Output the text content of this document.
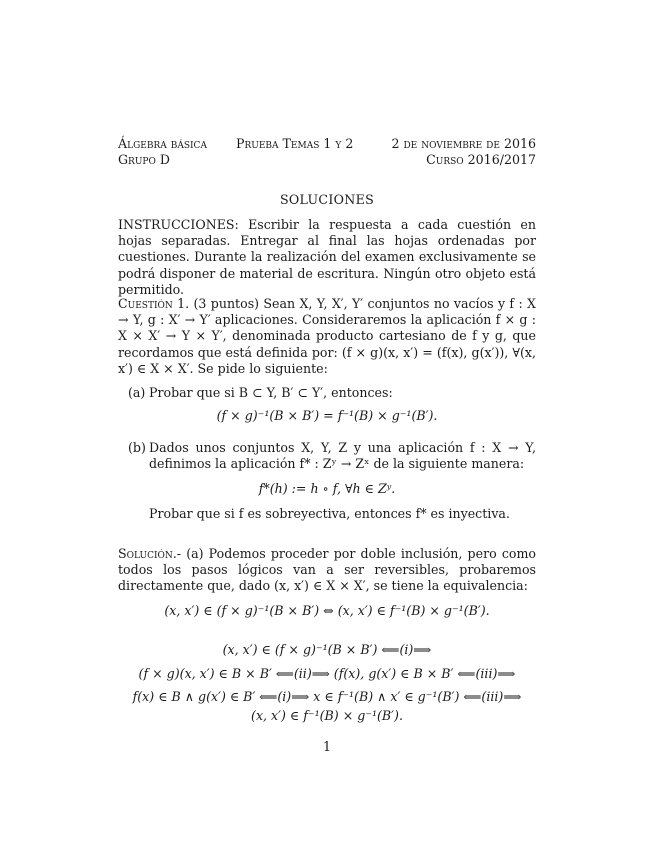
Álgebra básica Prueba Temas 1 y 2	2 de noviembre de 2016
Grupo D	Curso 2016/2017
SOLUCIONES
INSTRUCCIONES: Escribir la respuesta a cada cuestión en hojas separadas. Entregar al final las hojas ordenadas por cuestiones. Durante la realización del examen exclusivamente se podrá disponer de material de escritura. Ningún otro objeto está permitido.
Cuestión 1. (3 puntos) Sean X, Y, X′, Y′ conjuntos no vacíos y f : X → Y, g : X′ → Y′ aplicaciones. Consideraremos la aplicación f × g : X × X′ → Y × Y′, denominada producto cartesiano de f y g, que recordamos que está definida por: (f × g)(x, x′) = (f(x), g(x′)), ∀(x, x′) ∈ X × X′. Se pide lo siguiente:
(a) Probar que si B ⊂ Y, B′ ⊂ Y′, entonces:
(f × g)⁻¹(B × B′) = f⁻¹(B) × g⁻¹(B′).
(b) Dados unos conjuntos X, Y, Z y una aplicación f : X → Y, definimos la aplicación f* : Zʸ → Zˣ de la siguiente manera:
f*(h) := h ∘ f, ∀h ∈ Zʸ.
Probar que si f es sobreyectiva, entonces f* es inyectiva.
Solución.- (a) Podemos proceder por doble inclusión, pero como todos los pasos lógicos van a ser reversibles, probaremos directamente que, dado (x, x′) ∈ X × X′, se tiene la equivalencia:
(x, x′) ∈ (f × g)⁻¹(B × B′) ⇔ (x, x′) ∈ f⁻¹(B) × g⁻¹(B′).
(x, x′) ∈ (f × g)⁻¹(B × B′) ⟸(i)⟹
(f × g)(x, x′) ∈ B × B′ ⟸(ii)⟹ (f(x), g(x′) ∈ B × B′ ⟸(iii)⟹
f(x) ∈ B ∧ g(x′) ∈ B′ ⟸(i)⟹ x ∈ f⁻¹(B) ∧ x′ ∈ g⁻¹(B′) ⟸(iii)⟹
(x, x′) ∈ f⁻¹(B) × g⁻¹(B′).
1
